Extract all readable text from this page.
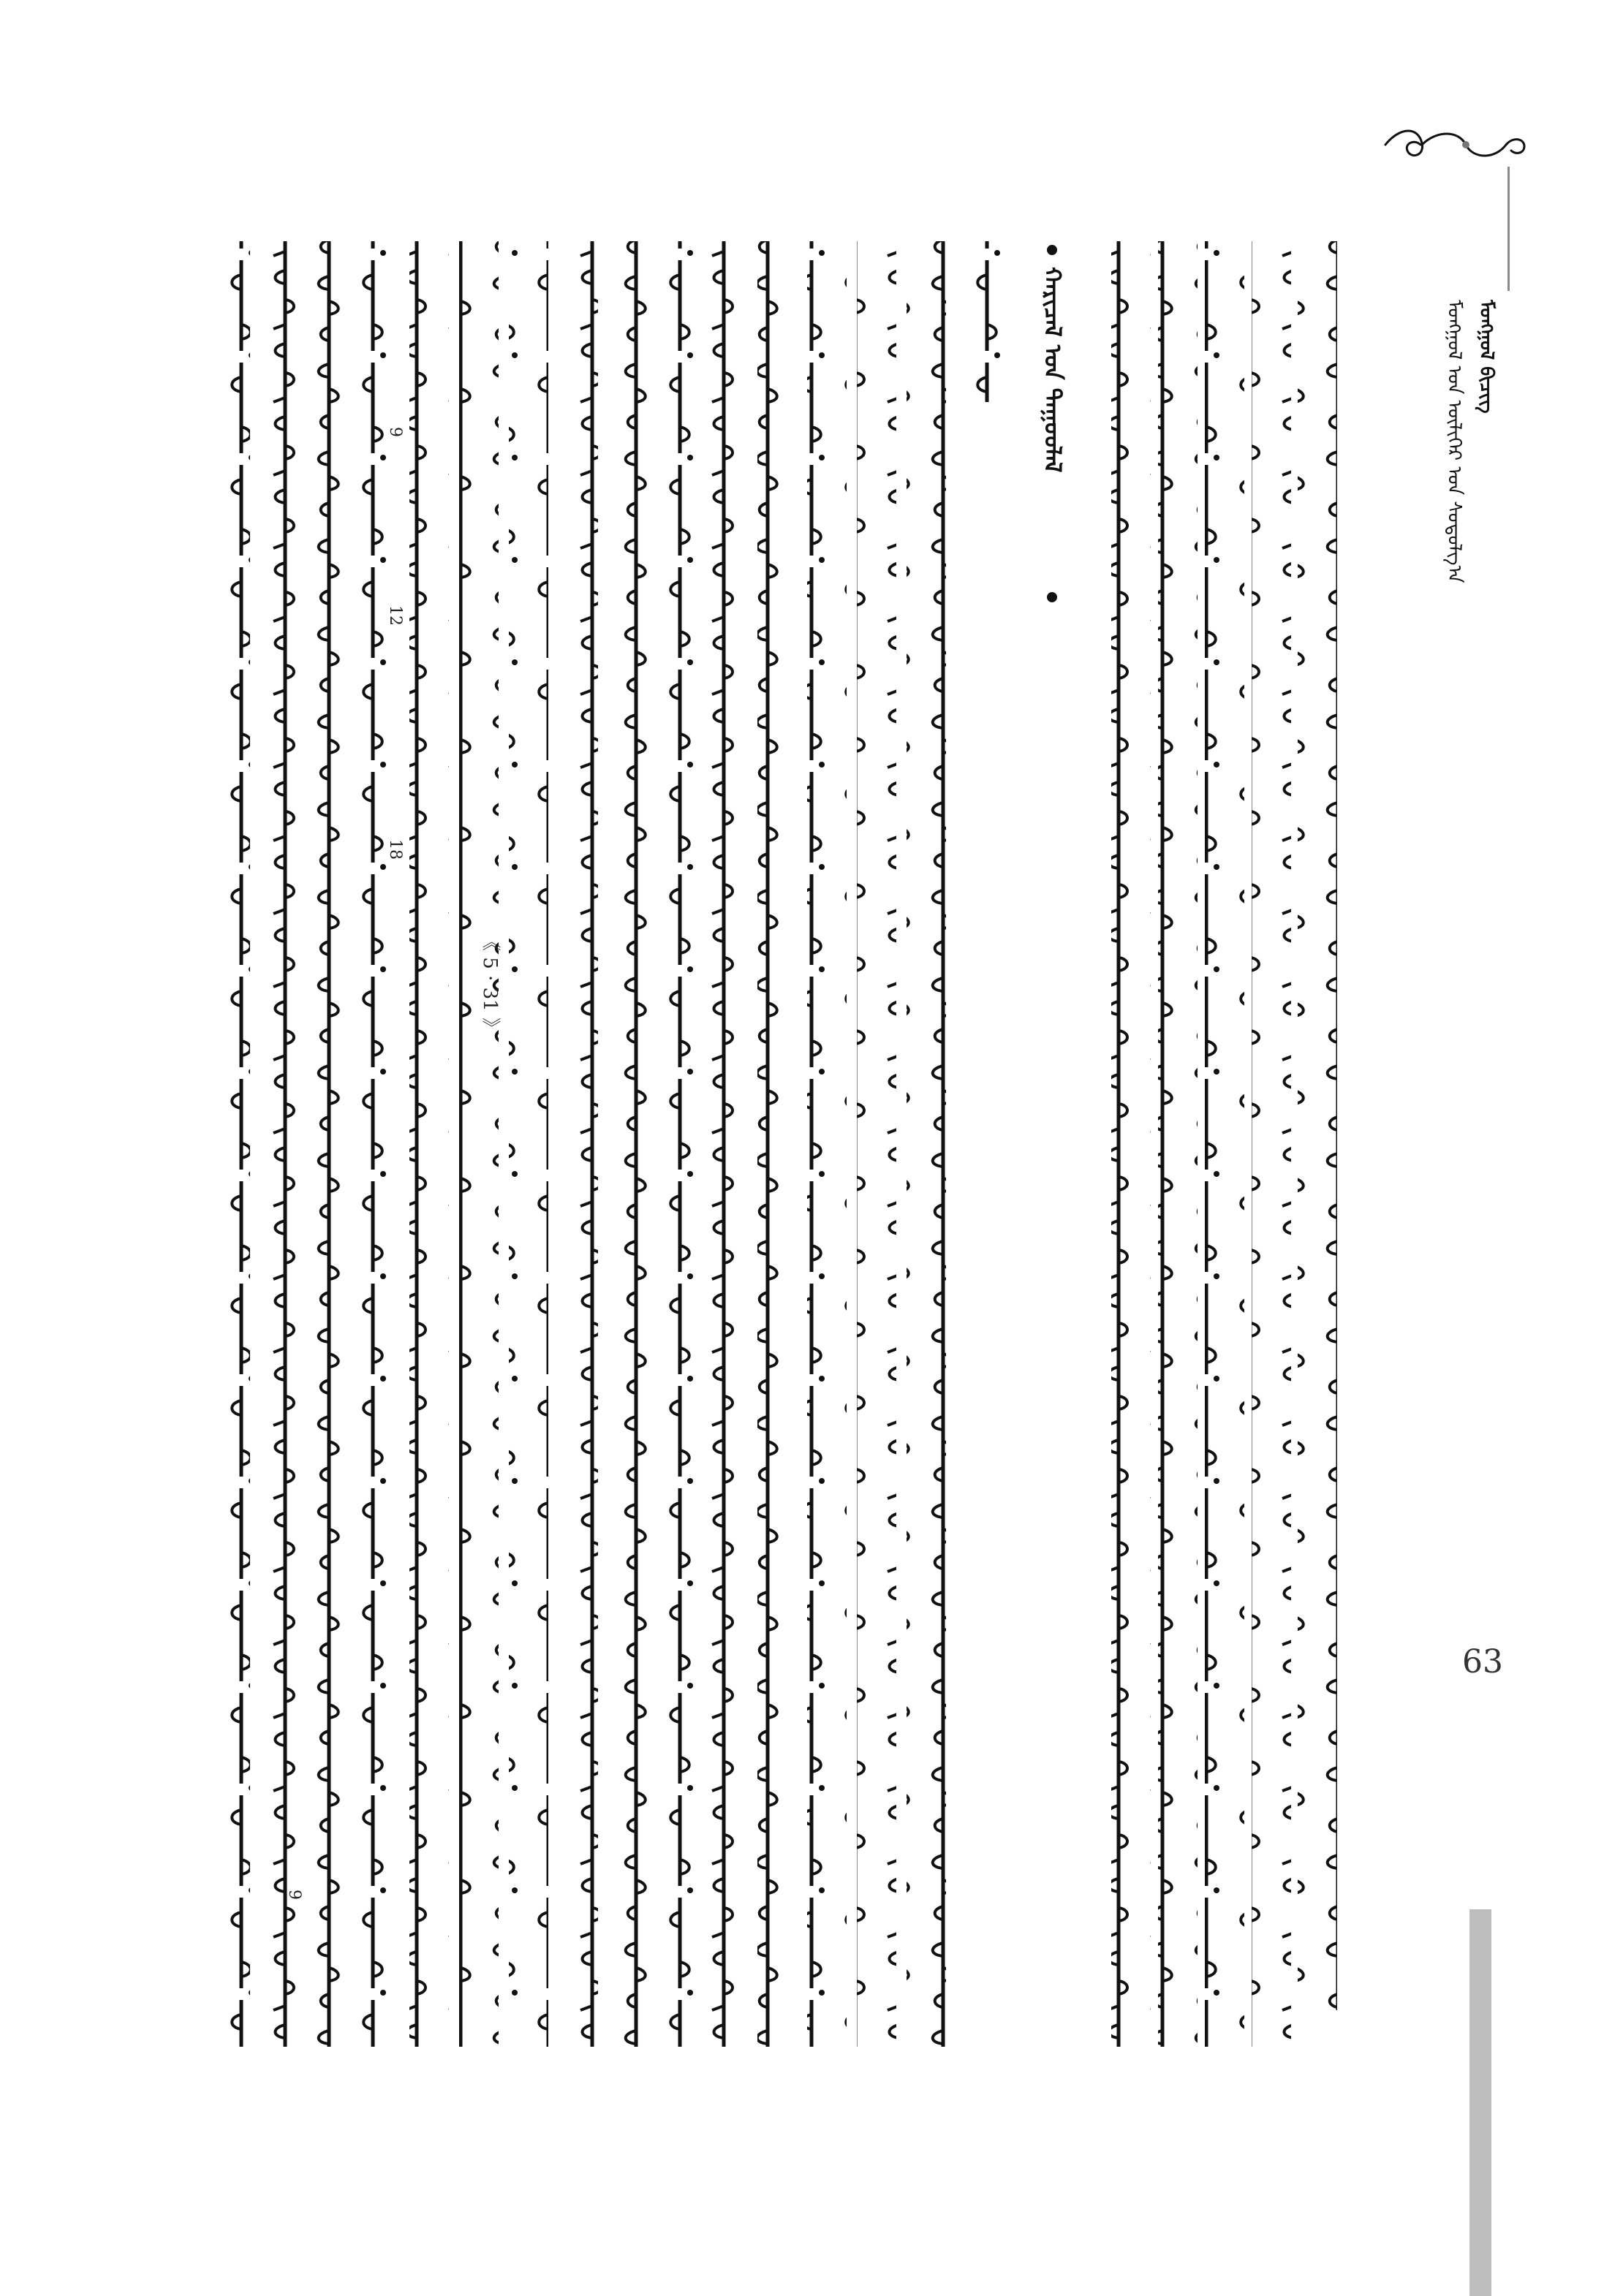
ᠮᠣᠩᠭᠣᠯ ᠤᠨ ᠦᠯᠢᠭᠡᠷ ᠤᠨ ᠰᠤᠳᠤᠯᠭ᠎ᠠ ᠮᠣᠩᠭᠣᠯ ᠪᠢᠴᠢᠭ
ᠬᠠᠷᠢᠴᠠᠯ ᠤᠨ ᠳᠠᠭᠤᠤᠯᠠᠯ
《 5 · 31 》
12
18
9
9
63
